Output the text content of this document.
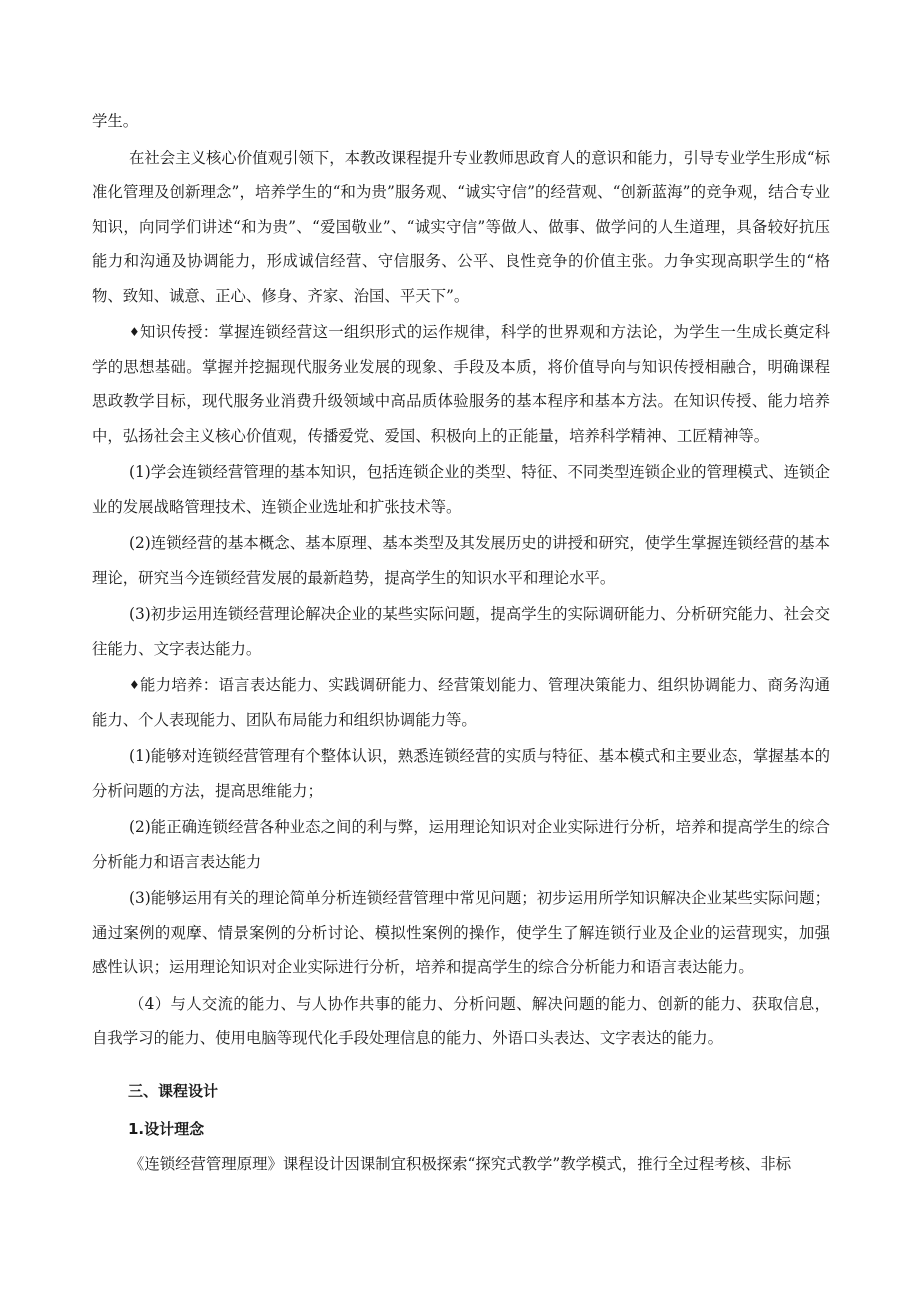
学生。

在社会主义核心价值观引领下，本教改课程提升专业教师思政育人的意识和能力，引导专业学生形成“标准化管理及创新理念”，培养学生的“和为贵”服务观、“诚实守信”的经营观、“创新蓝海”的竞争观，结合专业知识，向同学们讲述“和为贵”、“爱国敬业”、“诚实守信”等做人、做事、做学问的人生道理，具备较好抗压能力和沟通及协调能力，形成诚信经营、守信服务、公平、良性竞争的价值主张。力争实现高职学生的“格物、致知、诚意、正心、修身、齐家、治国、平天下”。

♦知识传授：掌握连锁经营这一组织形式的运作规律，科学的世界观和方法论，为学生一生成长奠定科学的思想基础。掌握并挖掘现代服务业发展的现象、手段及本质，将价值导向与知识传授相融合，明确课程思政教学目标，现代服务业消费升级领域中高品质体验服务的基本程序和基本方法。在知识传授、能力培养中，弘扬社会主义核心价值观，传播爱党、爱国、积极向上的正能量，培养科学精神、工匠精神等。

(1)学会连锁经营管理的基本知识，包括连锁企业的类型、特征、不同类型连锁企业的管理模式、连锁企业的发展战略管理技术、连锁企业选址和扩张技术等。

(2)连锁经营的基本概念、基本原理、基本类型及其发展历史的讲授和研究，使学生掌握连锁经营的基本理论，研究当今连锁经营发展的最新趋势，提高学生的知识水平和理论水平。

(3)初步运用连锁经营理论解决企业的某些实际问题，提高学生的实际调研能力、分析研究能力、社会交往能力、文字表达能力。

♦能力培养：语言表达能力、实践调研能力、经营策划能力、管理决策能力、组织协调能力、商务沟通能力、个人表现能力、团队布局能力和组织协调能力等。

(1)能够对连锁经营管理有个整体认识，熟悉连锁经营的实质与特征、基本模式和主要业态，掌握基本的分析问题的方法，提高思维能力；

(2)能正确连锁经营各种业态之间的利与弊，运用理论知识对企业实际进行分析，培养和提高学生的综合分析能力和语言表达能力

(3)能够运用有关的理论简单分析连锁经营管理中常见问题；初步运用所学知识解决企业某些实际问题；通过案例的观摩、情景案例的分析讨论、模拟性案例的操作，使学生了解连锁行业及企业的运营现实，加强感性认识；运用理论知识对企业实际进行分析，培养和提高学生的综合分析能力和语言表达能力。

（4）与人交流的能力、与人协作共事的能力、分析问题、解决问题的能力、创新的能力、获取信息，自我学习的能力、使用电脑等现代化手段处理信息的能力、外语口头表达、文字表达的能力。

三、课程设计

1.设计理念

《连锁经营管理原理》课程设计因课制宜积极探索“探究式教学”教学模式，推行全过程考核、非标
